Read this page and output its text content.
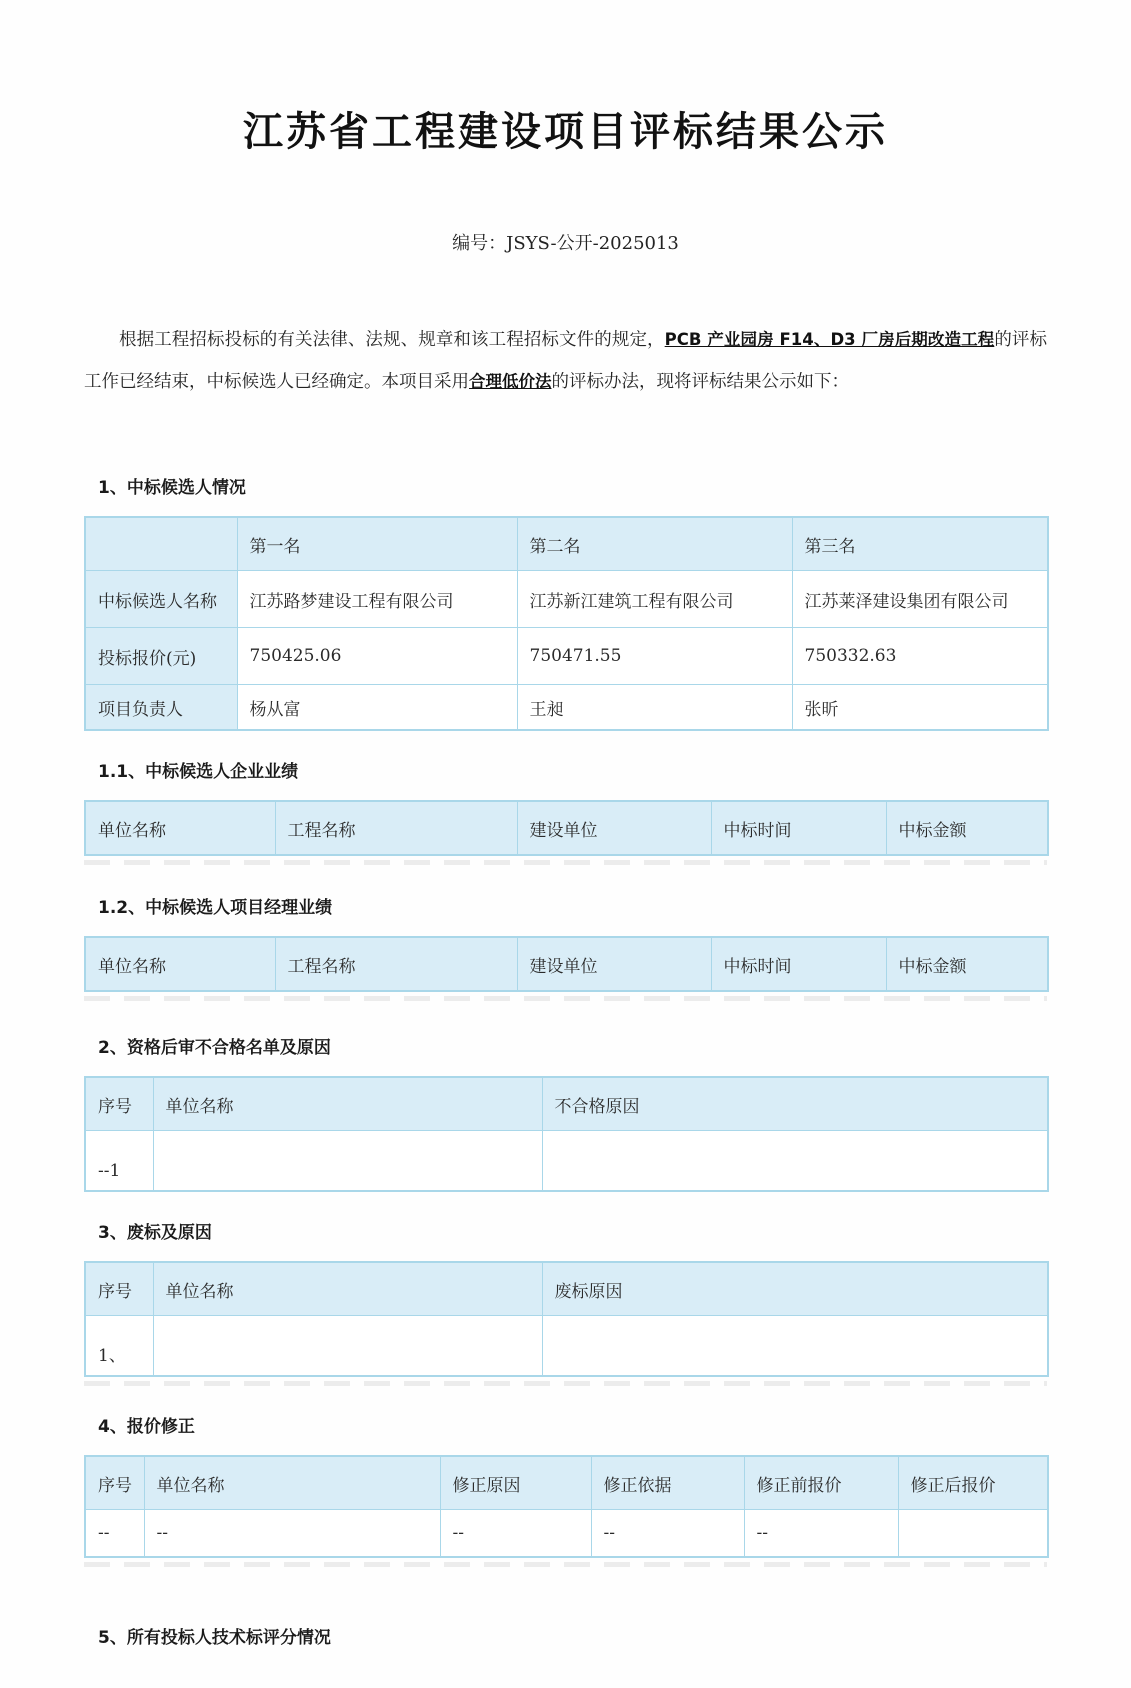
江苏省工程建设项目评标结果公示
编号：JSYS-公开-2025013

根据工程招标投标的有关法律、法规、规章和该工程招标文件的规定，PCB 产业园房 F14、D3 厂房后期改造工程的评标工作已经结束，中标候选人已经确定。本项目采用合理低价法的评标办法，现将评标结果公示如下：

1、中标候选人情况
	第一名	第二名	第三名
中标候选人名称	江苏路梦建设工程有限公司	江苏新江建筑工程有限公司	江苏莱泽建设集团有限公司
投标报价(元)	750425.06	750471.55	750332.63
项目负责人	杨从富	王昶	张昕
1.1、中标候选人企业业绩
单位名称	工程名称	建设单位	中标时间	中标金额
1.2、中标候选人项目经理业绩
单位名称	工程名称	建设单位	中标时间	中标金额
2、资格后审不合格名单及原因
序号	单位名称	不合格原因
--1		
3、废标及原因
序号	单位名称	废标原因
1、		
4、报价修正
序号	单位名称	修正原因	修正依据	修正前报价	修正后报价
--	--	--	--	--	
5、所有投标人技术标评分情况
